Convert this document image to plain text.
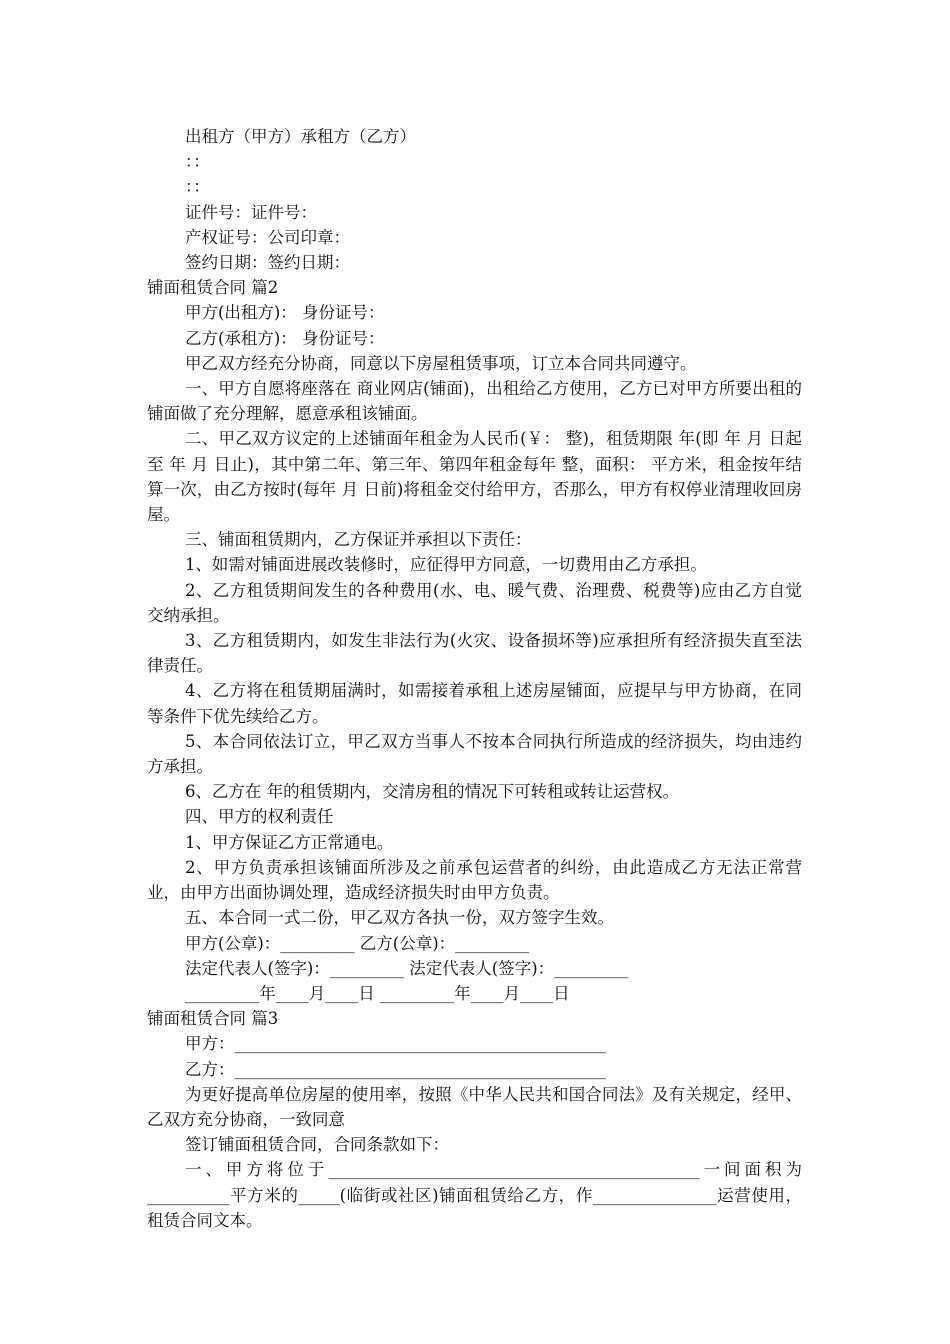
出租方（甲方）承租方（乙方）

：：

：：

证件号：证件号：

产权证号：公司印章：

签约日期：签约日期：

铺面租赁合同 篇2

甲方(出租方)： 身份证号：

乙方(承租方)： 身份证号：

甲乙双方经充分协商，同意以下房屋租赁事项，订立本合同共同遵守。

一、甲方自愿将座落在 商业网店(铺面)，出租给乙方使用，乙方已对甲方所要出租的铺面做了充分理解，愿意承租该铺面。

二、甲乙双方议定的上述铺面年租金为人民币(￥： 整)，租赁期限 年(即 年 月 日起至 年 月 日止)，其中第二年、第三年、第四年租金每年 整，面积： 平方米，租金按年结算一次，由乙方按时(每年 月 日前)将租金交付给甲方，否那么，甲方有权停业清理收回房屋。

三、铺面租赁期内，乙方保证并承担以下责任：

1、如需对铺面进展改装修时，应征得甲方同意，一切费用由乙方承担。

2、乙方租赁期间发生的各种费用(水、电、暖气费、治理费、税费等)应由乙方自觉交纳承担。

3、乙方租赁期内，如发生非法行为(火灾、设备损坏等)应承担所有经济损失直至法律责任。

4、乙方将在租赁期届满时，如需接着承租上述房屋铺面，应提早与甲方协商，在同等条件下优先续给乙方。

5、本合同依法订立，甲乙双方当事人不按本合同执行所造成的经济损失，均由违约方承担。

6、乙方在 年的租赁期内，交清房租的情况下可转租或转让运营权。

四、甲方的权利责任

1、甲方保证乙方正常通电。

2、甲方负责承担该铺面所涉及之前承包运营者的纠纷，由此造成乙方无法正常营业，由甲方出面协调处理，造成经济损失时由甲方负责。

五、本合同一式二份，甲乙双方各执一份，双方签字生效。

甲方(公章)：_________ 乙方(公章)：_________

法定代表人(签字)：_________ 法定代表人(签字)：_________

_________年____月____日 _________年____月____日

铺面租赁合同 篇3

甲方：_____________________________________________

乙方：_____________________________________________

为更好提高单位房屋的使用率，按照《中华人民共和国合同法》及有关规定，经甲、乙双方充分协商，一致同意

签订铺面租赁合同，合同条款如下：

一、甲方将位于_____________________________________________一间面积为__________平方米的_____(临街或社区)铺面租赁给乙方，作_______________运营使用，租赁合同文本。
